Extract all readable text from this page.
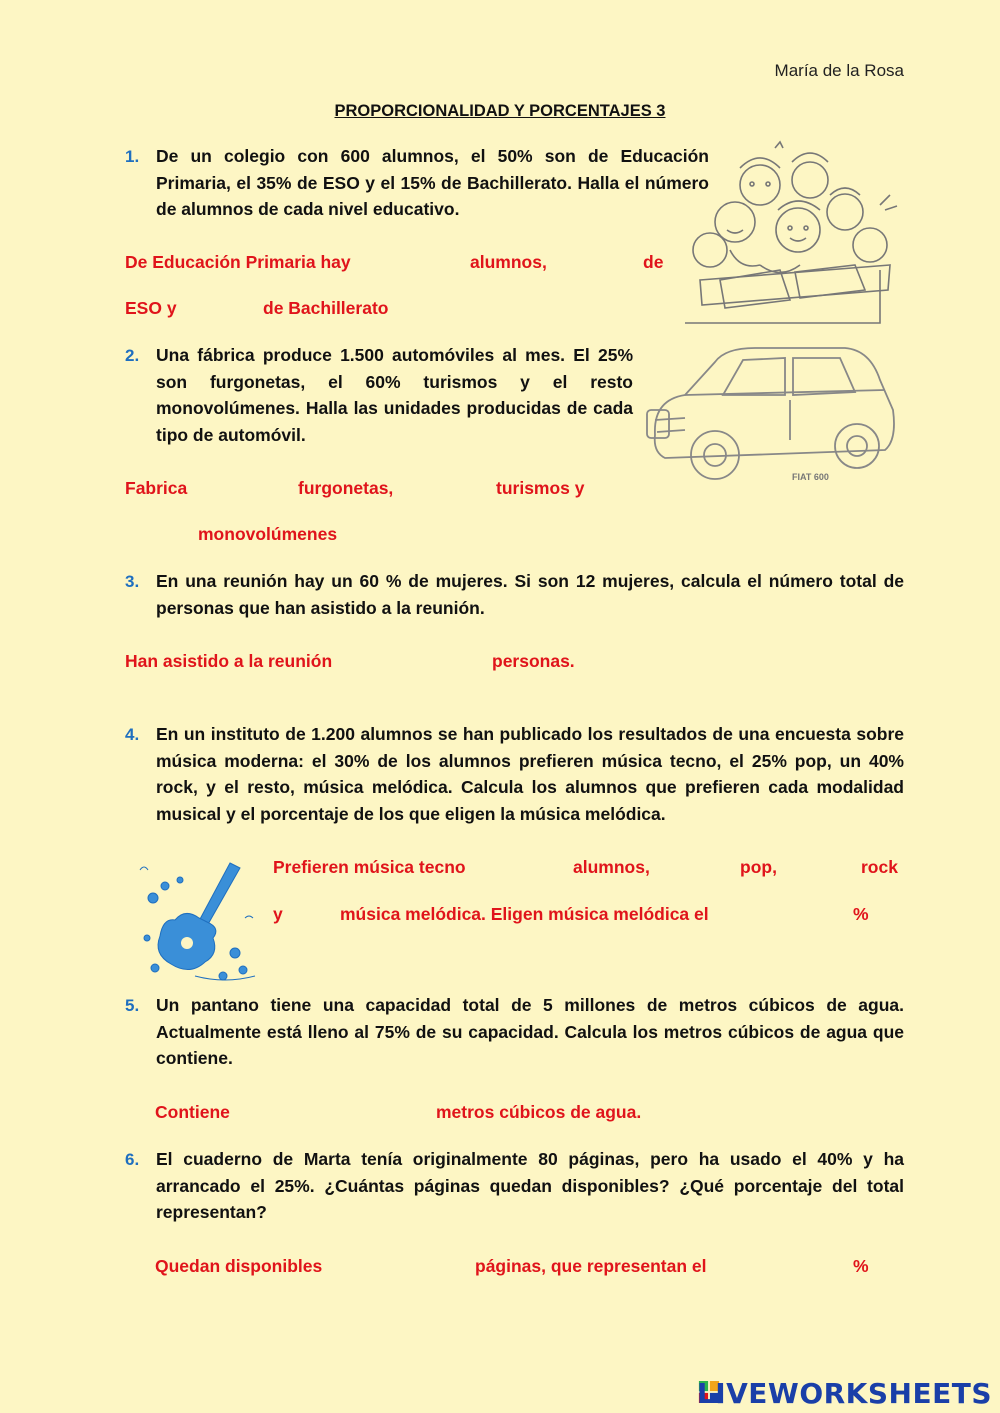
María de la Rosa
PROPORCIONALIDAD Y PORCENTAJES 3
1. De un colegio con 600 alumnos, el 50% son de Educación Primaria, el 35% de ESO y el 15% de Bachillerato. Halla el número de alumnos de cada nivel educativo.
De Educación Primaria hay	alumnos,	de
ESO y	de Bachillerato
2. Una fábrica produce 1.500 automóviles al mes. El 25% son furgonetas, el 60% turismos y el resto monovolúmenes. Halla las unidades producidas de cada tipo de automóvil.
Fabrica	furgonetas,	turismos y
monovolúmenes
FIAT 600
3. En una reunión hay un 60 % de mujeres. Si son 12 mujeres, calcula el número total de personas que han asistido a la reunión.
Han asistido a la reunión	personas.
4. En un instituto de 1.200 alumnos se han publicado los resultados de una encuesta sobre música moderna: el 30% de los alumnos prefieren música tecno, el 25% pop, un 40% rock, y el resto, música melódica. Calcula los alumnos que prefieren cada modalidad musical y el porcentaje de los que eligen la música melódica.
Prefieren música tecno	alumnos,	pop,	rock
y	música melódica. Eligen música melódica el	%
5. Un pantano tiene una capacidad total de 5 millones de metros cúbicos de agua. Actualmente está lleno al 75% de su capacidad. Calcula los metros cúbicos de agua que contiene.
Contiene	metros cúbicos de agua.
6. El cuaderno de Marta tenía originalmente 80 páginas, pero ha usado el 40% y ha arrancado el 25%. ¿Cuántas páginas quedan disponibles? ¿Qué porcentaje del total representan?
Quedan disponibles	páginas, que representan el	%
LIVEWORKSHEETS
